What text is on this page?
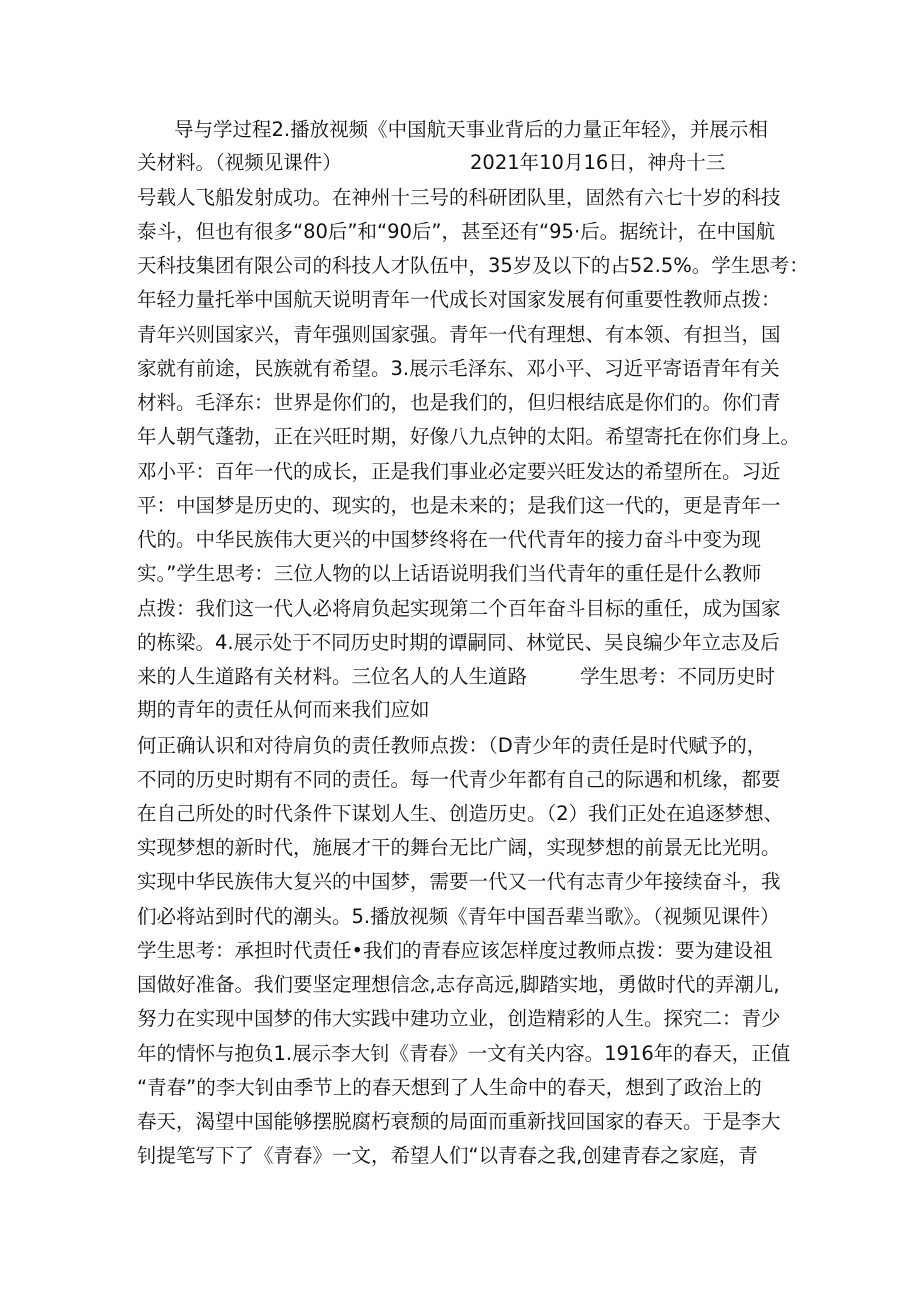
导与学过程2.播放视频《中国航天事业背后的力量正年轻》，并展示相
关材料。（视频见课件）	2021年10月16日，神舟十三
号载人飞船发射成功。在神州十三号的科研团队里，固然有六七十岁的科技
泰斗，但也有很多“80后”和“90后”，甚至还有“95·后。据统计，在中国航
天科技集团有限公司的科技人才队伍中，35岁及以下的占52.5%。学生思考：
年轻力量托举中国航天说明青年一代成长对国家发展有何重要性教师点拨：
青年兴则国家兴，青年强则国家强。青年一代有理想、有本领、有担当，国
家就有前途，民族就有希望。3.展示毛泽东、邓小平、习近平寄语青年有关
材料。毛泽东：世界是你们的，也是我们的，但归根结底是你们的。你们青
年人朝气蓬勃，正在兴旺时期，好像八九点钟的太阳。希望寄托在你们身上。
邓小平：百年一代的成长，正是我们事业必定要兴旺发达的希望所在。习近
平：中国梦是历史的、现实的，也是未来的；是我们这一代的，更是青年一
代的。中华民族伟大更兴的中国梦终将在一代代青年的接力奋斗中变为现
实。”学生思考：三位人物的以上话语说明我们当代青年的重任是什么教师
点拨：我们这一代人必将肩负起实现第二个百年奋斗目标的重任，成为国家
的栋梁。4.展示处于不同历史时期的谭嗣同、林觉民、吴良编少年立志及后
来的人生道路有关材料。三位名人的人生道路	学生思考：不同历史时
期的青年的责任从何而来我们应如
何正确认识和对待肩负的责任教师点拨：（D青少年的责任是时代赋予的，
不同的历史时期有不同的责任。每一代青少年都有自己的际遇和机缘，都要
在自己所处的时代条件下谋划人生、创造历史。（2）我们正处在追逐梦想、
实现梦想的新时代，施展才干的舞台无比广阔，实现梦想的前景无比光明。
实现中华民族伟大复兴的中国梦，需要一代又一代有志青少年接续奋斗，我
们必将站到时代的潮头。5.播放视频《青年中国吾辈当歌》。（视频见课件）
学生思考：承担时代责任•我们的青春应该怎样度过教师点拨：要为建设祖
国做好准备。我们要坚定理想信念,志存高远,脚踏实地，勇做时代的弄潮儿,
努力在实现中国梦的伟大实践中建功立业，创造精彩的人生。探究二：青少
年的情怀与抱负1.展示李大钊《青春》一文有关内容。1916年的春天，正值
“青春”的李大钊由季节上的春天想到了人生命中的春天，想到了政治上的
春天，渴望中国能够摆脱腐朽衰颓的局面而重新找回国家的春天。于是李大
钊提笔写下了《青春》一文，希望人们“以青春之我,创建青春之家庭，青
